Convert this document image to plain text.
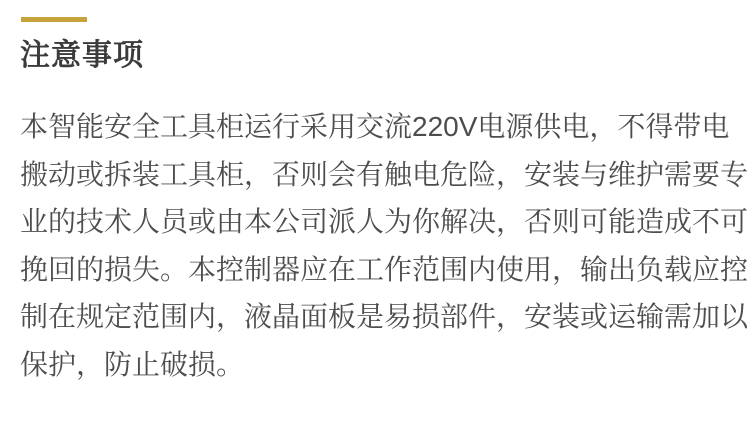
注意事项
本智能安全工具柜运行采用交流220V电源供电，不得带电
搬动或拆装工具柜，否则会有触电危险，安装与维护需要专
业的技术人员或由本公司派人为你解决，否则可能造成不可
挽回的损失。本控制器应在工作范围内使用，输出负载应控
制在规定范围内，液晶面板是易损部件，安装或运输需加以
保护，防止破损。
